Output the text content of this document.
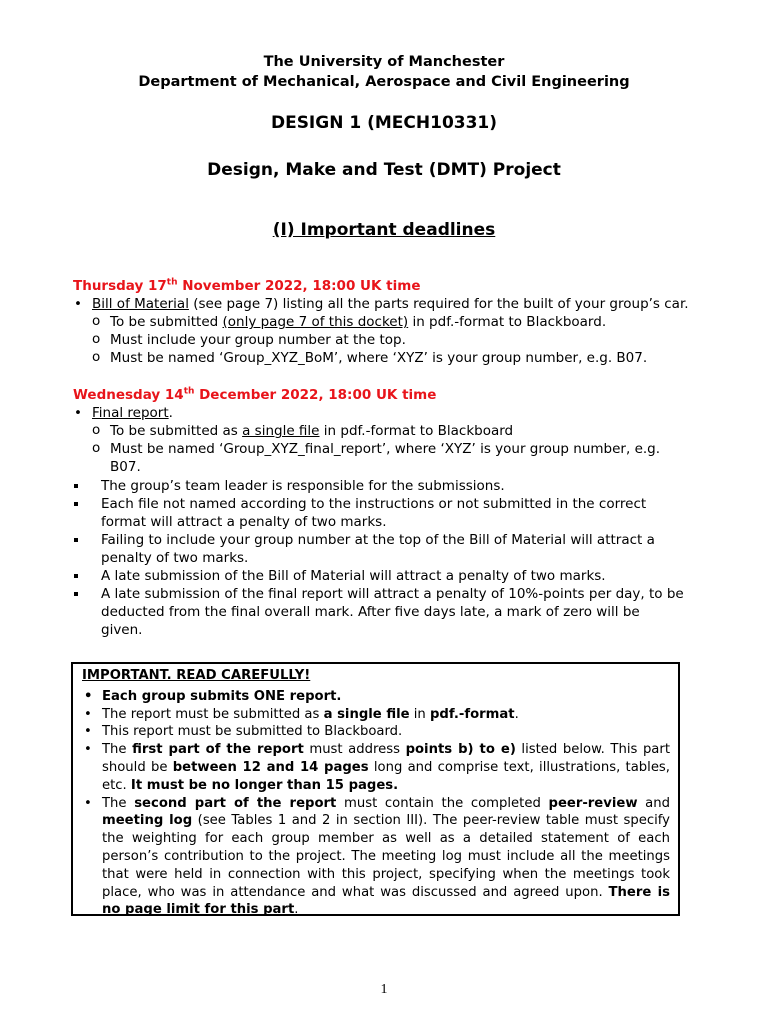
The University of Manchester
Department of Mechanical, Aerospace and Civil Engineering
DESIGN 1 (MECH10331)
Design, Make and Test (DMT) Project
(I) Important deadlines
Thursday 17th November 2022, 18:00 UK time
• Bill of Material (see page 7) listing all the parts required for the built of your group’s car.
o To be submitted (only page 7 of this docket) in pdf.-format to Blackboard.
o Must include your group number at the top.
o Must be named ‘Group_XYZ_BoM’, where ‘XYZ’ is your group number, e.g. B07.
Wednesday 14th December 2022, 18:00 UK time
• Final report.
o To be submitted as a single file in pdf.-format to Blackboard
o Must be named ‘Group_XYZ_final_report’, where ‘XYZ’ is your group number, e.g. B07.
The group’s team leader is responsible for the submissions.
Each file not named according to the instructions or not submitted in the correct format will attract a penalty of two marks.
Failing to include your group number at the top of the Bill of Material will attract a penalty of two marks.
A late submission of the Bill of Material will attract a penalty of two marks.
A late submission of the final report will attract a penalty of 10%-points per day, to be deducted from the final overall mark. After five days late, a mark of zero will be given.
IMPORTANT. READ CAREFULLY!
• Each group submits ONE report.
• The report must be submitted as a single file in pdf.-format.
• This report must be submitted to Blackboard.
• The first part of the report must address points b) to e) listed below. This part should be between 12 and 14 pages long and comprise text, illustrations, tables, etc. It must be no longer than 15 pages.
• The second part of the report must contain the completed peer-review and meeting log (see Tables 1 and 2 in section III). The peer-review table must specify the weighting for each group member as well as a detailed statement of each person’s contribution to the project. The meeting log must include all the meetings that were held in connection with this project, specifying when the meetings took place, who was in attendance and what was discussed and agreed upon. There is no page limit for this part.
1
